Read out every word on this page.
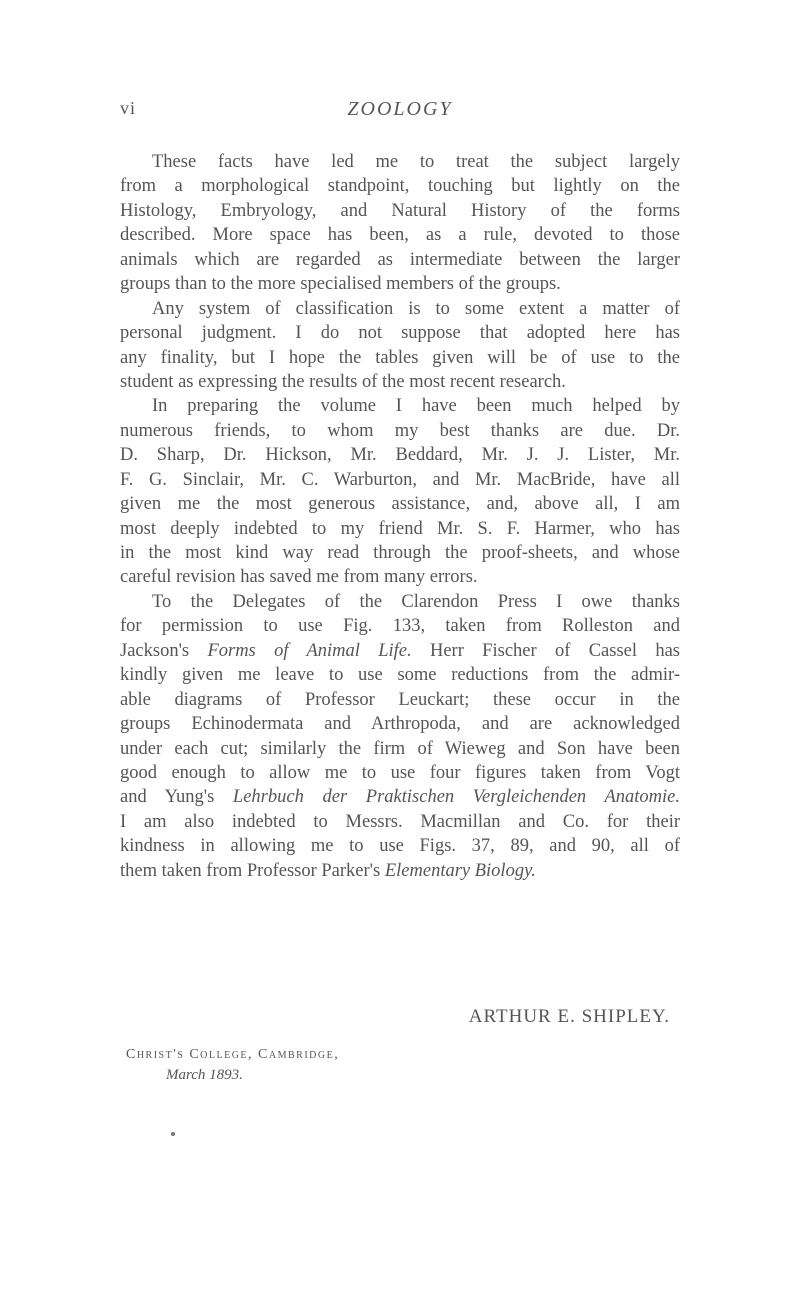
vi	ZOOLOGY
These facts have led me to treat the subject largely
from a morphological standpoint, touching but lightly on the
Histology, Embryology, and Natural History of the forms
described. More space has been, as a rule, devoted to those
animals which are regarded as intermediate between the larger
groups than to the more specialised members of the groups.
Any system of classification is to some extent a matter of
personal judgment. I do not suppose that adopted here has
any finality, but I hope the tables given will be of use to the
student as expressing the results of the most recent research.
In preparing the volume I have been much helped by
numerous friends, to whom my best thanks are due. Dr.
D. Sharp, Dr. Hickson, Mr. Beddard, Mr. J. J. Lister, Mr.
F. G. Sinclair, Mr. C. Warburton, and Mr. MacBride, have all
given me the most generous assistance, and, above all, I am
most deeply indebted to my friend Mr. S. F. Harmer, who has
in the most kind way read through the proof-sheets, and whose
careful revision has saved me from many errors.
To the Delegates of the Clarendon Press I owe thanks
for permission to use Fig. 133, taken from Rolleston and
Jackson's Forms of Animal Life. Herr Fischer of Cassel has
kindly given me leave to use some reductions from the admir-
able diagrams of Professor Leuckart; these occur in the
groups Echinodermata and Arthropoda, and are acknowledged
under each cut; similarly the firm of Wieweg and Son have been
good enough to allow me to use four figures taken from Vogt
and Yung's Lehrbuch der Praktischen Vergleichenden Anatomie.
I am also indebted to Messrs. Macmillan and Co. for their
kindness in allowing me to use Figs. 37, 89, and 90, all of
them taken from Professor Parker's Elementary Biology.
ARTHUR E. SHIPLEY.
Christ's College, Cambridge,
March 1893.
